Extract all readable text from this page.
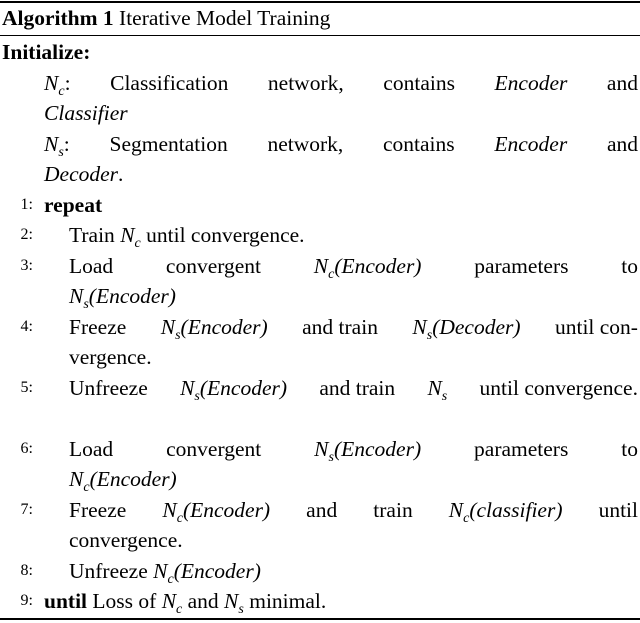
Algorithm 1 Iterative Model Training
Initialize:
$N_c$: Classification network, contains Encoder and
Classifier
$N_s$: Segmentation network, contains Encoder and
Decoder.
1: repeat
2: Train $N_c$ until convergence.
3: Load convergent $N_c(Encoder)$ parameters to
$N_s(Encoder)$
4: Freeze $N_s(Encoder)$ and train $N_s(Decoder)$ until con-
vergence.
5: Unfreeze $N_s(Encoder)$ and train $N_s$ until convergence.
6: Load convergent $N_s(Encoder)$ parameters to
$N_c(Encoder)$
7: Freeze $N_c(Encoder)$ and train $N_c(classifier)$ until
convergence.
8: Unfreeze $N_c(Encoder)$
9: until Loss of $N_c$ and $N_s$ minimal.
